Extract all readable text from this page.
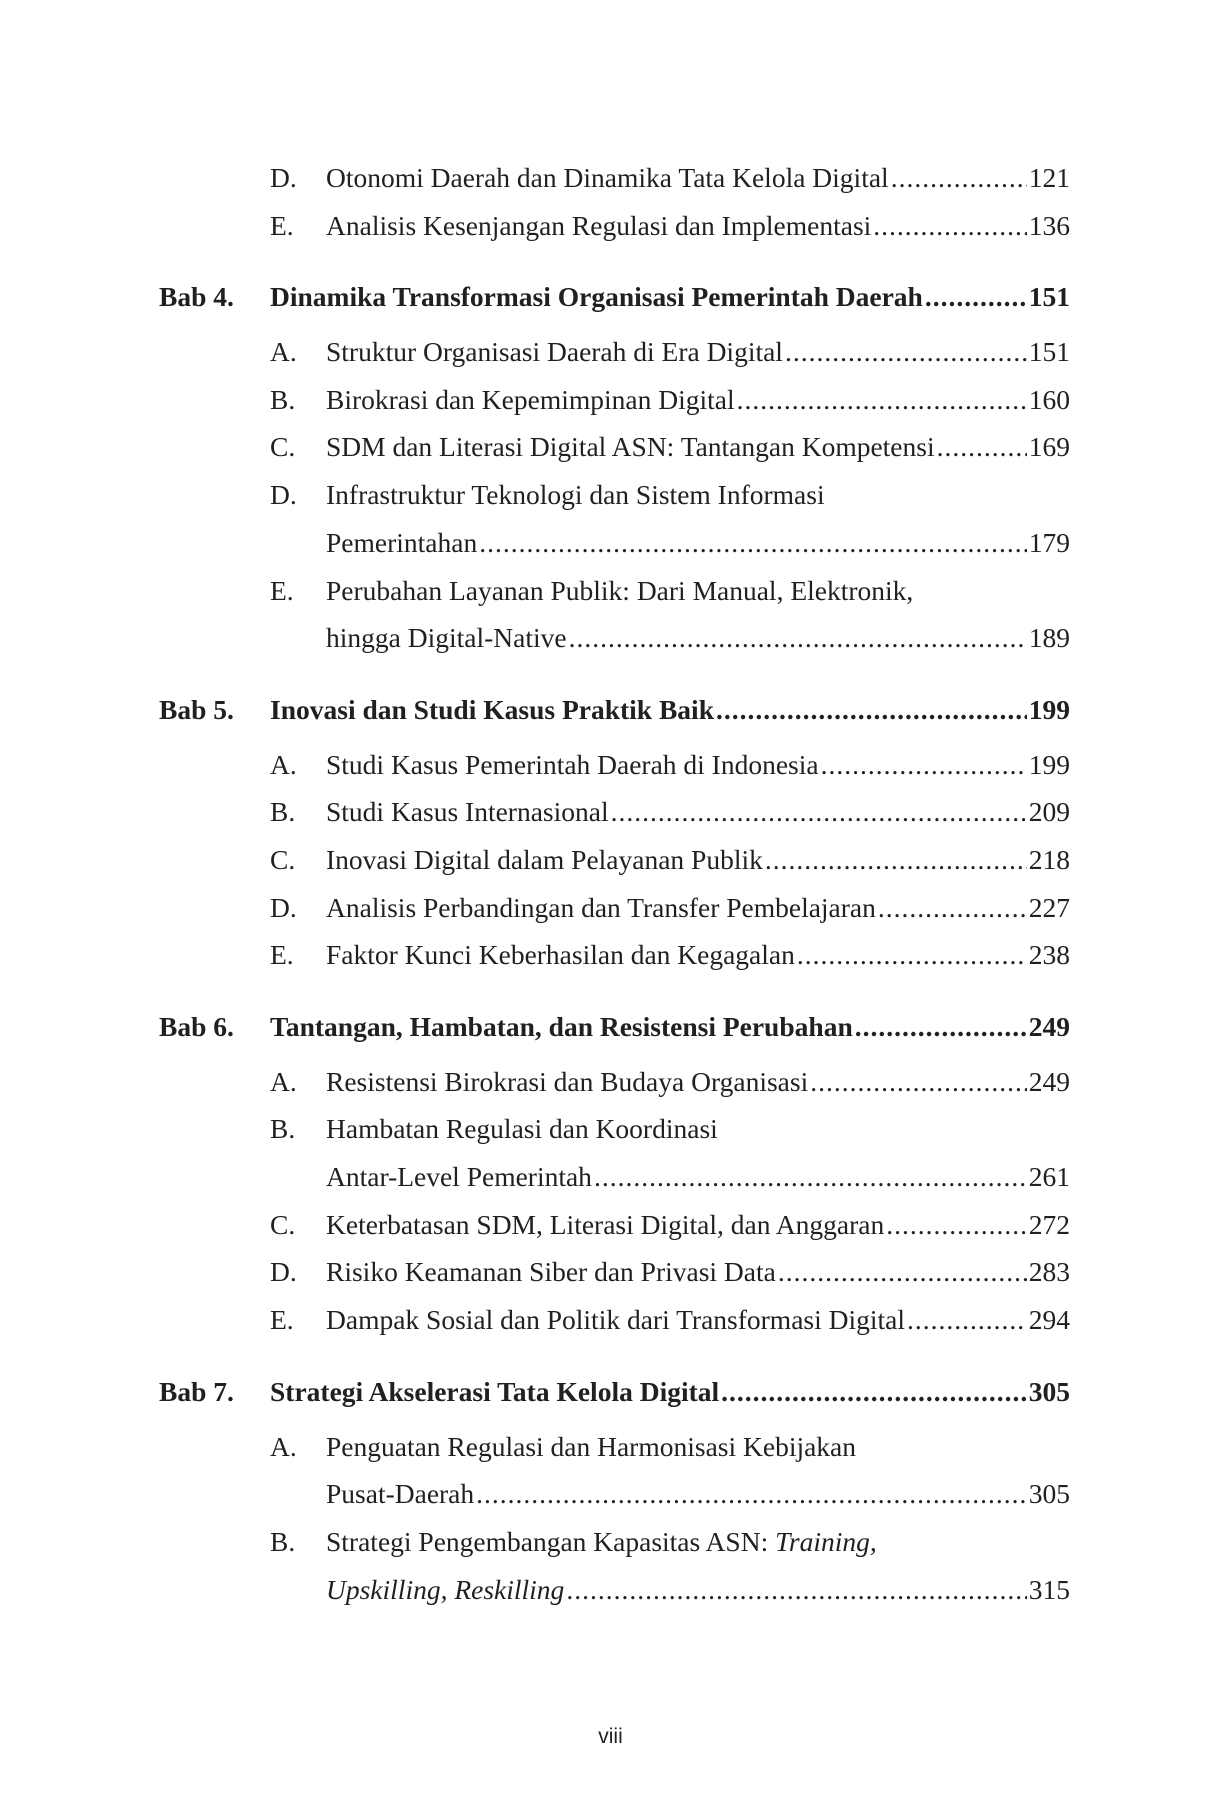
D.	Otonomi Daerah dan Dinamika Tata Kelola Digital .....	121
E.	Analisis Kesenjangan Regulasi dan Implementasi .....	136
Bab 4.	Dinamika Transformasi Organisasi Pemerintah Daerah .....	151
A.	Struktur Organisasi Daerah di Era Digital .....	151
B.	Birokrasi dan Kepemimpinan Digital .....	160
C.	SDM dan Literasi Digital ASN: Tantangan Kompetensi .....	169
D.	Infrastruktur Teknologi dan Sistem Informasi
Pemerintahan .....	179
E.	Perubahan Layanan Publik: Dari Manual, Elektronik,
hingga Digital-Native .....	189
Bab 5.	Inovasi dan Studi Kasus Praktik Baik .....	199
A.	Studi Kasus Pemerintah Daerah di Indonesia .....	199
B.	Studi Kasus Internasional .....	209
C.	Inovasi Digital dalam Pelayanan Publik .....	218
D.	Analisis Perbandingan dan Transfer Pembelajaran .....	227
E.	Faktor Kunci Keberhasilan dan Kegagalan .....	238
Bab 6.	Tantangan, Hambatan, dan Resistensi Perubahan .....	249
A.	Resistensi Birokrasi dan Budaya Organisasi .....	249
B.	Hambatan Regulasi dan Koordinasi
Antar-Level Pemerintah .....	261
C.	Keterbatasan SDM, Literasi Digital, dan Anggaran .....	272
D.	Risiko Keamanan Siber dan Privasi Data .....	283
E.	Dampak Sosial dan Politik dari Transformasi Digital .....	294
Bab 7.	Strategi Akselerasi Tata Kelola Digital .....	305
A.	Penguatan Regulasi dan Harmonisasi Kebijakan
Pusat-Daerah .....	305
B.	Strategi Pengembangan Kapasitas ASN: Training,
Upskilling, Reskilling .....	315
viii
